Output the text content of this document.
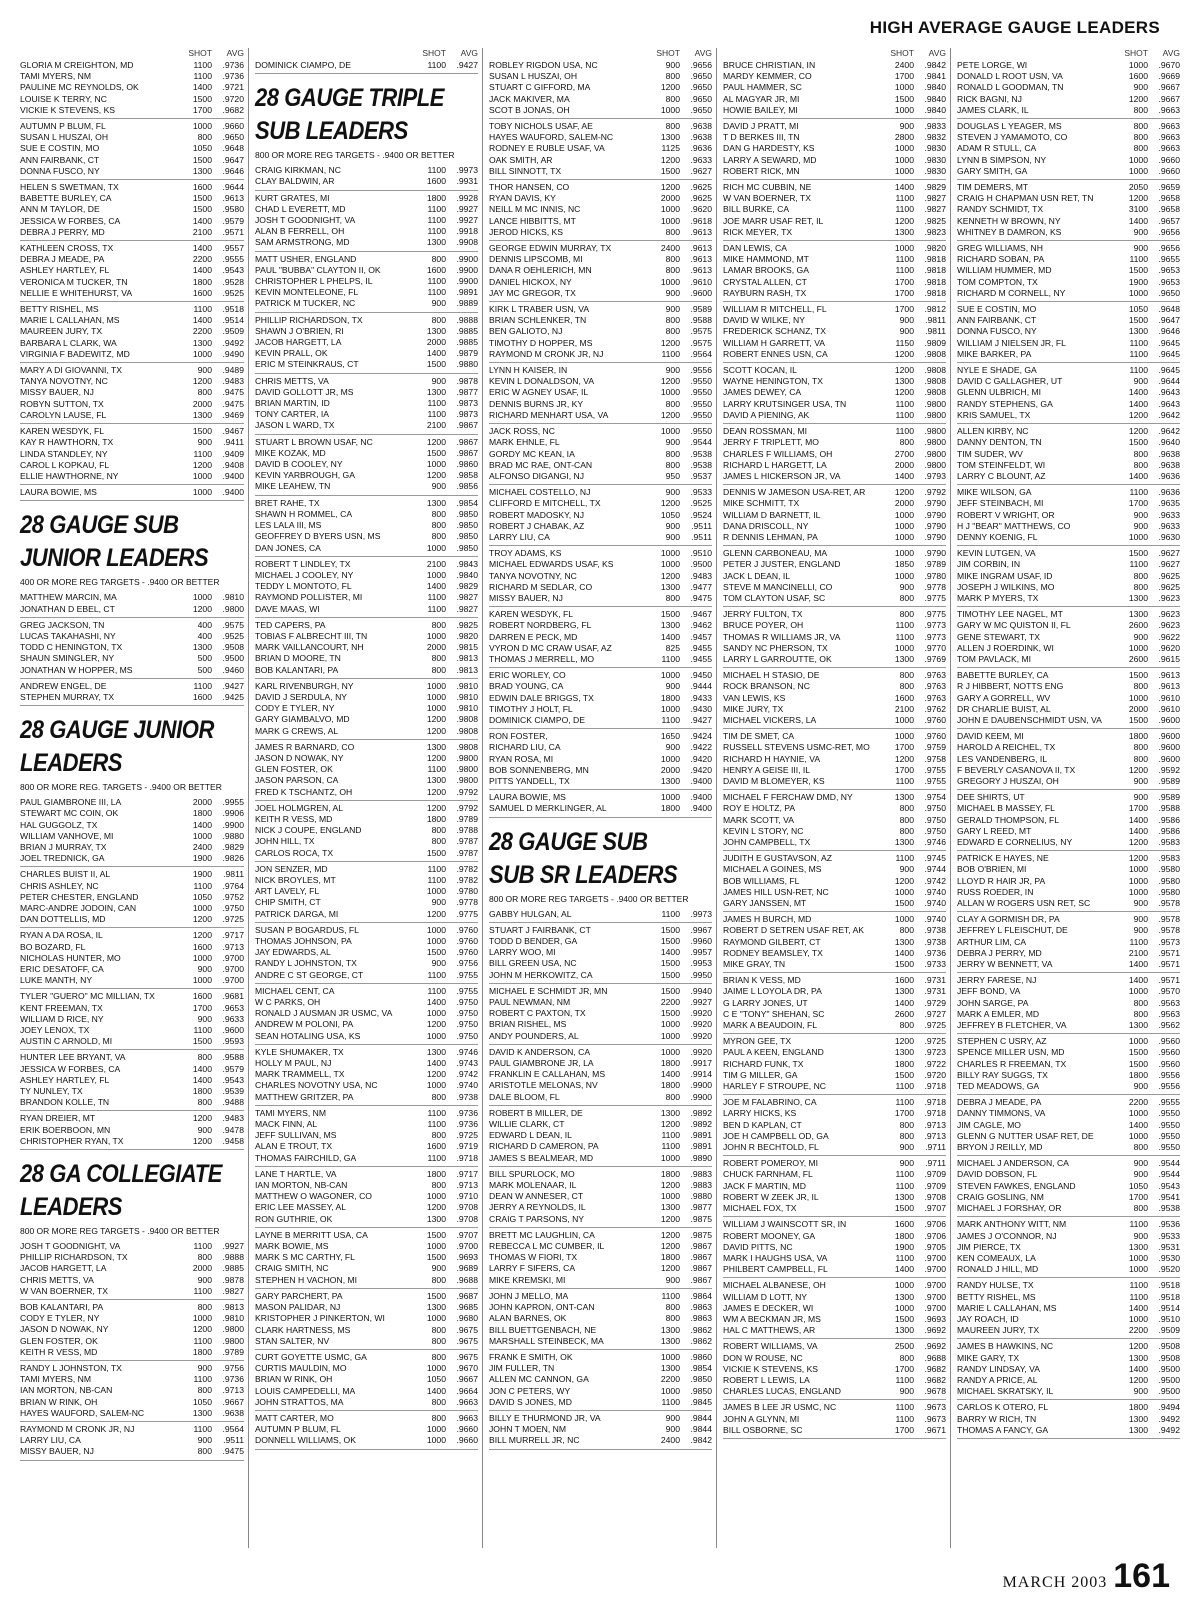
HIGH AVERAGE GAUGE LEADERS
SHOT	AVG
GLORIA M CREIGHTON, MD	1100	.9736
TAMI MYERS, NM	1100	.9736
PAULINE MC REYNOLDS, OK	1400	.9721
LOUISE K TERRY, NC	1500	.9720
VICKIE K STEVENS, KS	1700	.9682
AUTUMN P BLUM, FL	1000	.9660
SUSAN L HUSZAI, OH	800	.9650
SUE E COSTIN, MO	1050	.9648
ANN FAIRBANK, CT	1500	.9647
DONNA FUSCO, NY	1300	.9646
HELEN S SWETMAN, TX	1600	.9644
BABETTE BURLEY, CA	1500	.9613
ANN M TAYLOR, DE	1500	.9580
JESSICA W FORBES, CA	1400	.9579
DEBRA J PERRY, MD	2100	.9571
KATHLEEN CROSS, TX	1400	.9557
DEBRA J MEADE, PA	2200	.9555
ASHLEY HARTLEY, FL	1400	.9543
VERONICA M TUCKER, TN	1800	.9528
NELLIE E WHITEHURST, VA	1600	.9525
BETTY RISHEL, MS	1100	.9518
MARIE L CALLAHAN, MS	1400	.9514
MAUREEN JURY, TX	2200	.9509
BARBARA L CLARK, WA	1300	.9492
VIRGINIA F BADEWITZ, MD	1000	.9490
MARY A DI GIOVANNI, TX	900	.9489
TANYA NOVOTNY, NC	1200	.9483
MISSY BAUER, NJ	800	.9475
ROBYN SUTTON, TX	2000	.9475
CAROLYN LAUSE, FL	1300	.9469
KAREN WESDYK, FL	1500	.9467
KAY R HAWTHORN, TX	900	.9411
LINDA STANDLEY, NY	1100	.9409
CAROL L KOPKAU, FL	1200	.9408
ELLIE HAWTHORNE, NY	1000	.9400
LAURA BOWIE, MS	1000	.9400
28 GAUGE SUB
JUNIOR LEADERS
400 OR MORE REG TARGETS - .9400 OR BETTER
MATTHEW MARCIN, MA	1000	.9810
JONATHAN D EBEL, CT	1200	.9800
GREG JACKSON, TN	400	.9575
LUCAS TAKAHASHI, NY	400	.9525
TODD C HENINGTON, TX	1300	.9508
SHAUN SMINGLER, NY	500	.9500
JONATHAN W HOPPER, MS	500	.9460
ANDREW ENGEL, DE	1100	.9427
STEPHEN MURRAY, TX	1600	.9425
28 GAUGE JUNIOR
LEADERS
800 OR MORE REG. TARGETS - .9400 OR BETTER
PAUL GIAMBRONE III, LA	2000	.9955
STEWART MC COIN, OK	1800	.9906
HAL GUGGOLZ, TX	1400	.9900
WILLIAM VANHOVE, MI	1000	.9880
BRIAN J MURRAY, TX	2400	.9829
JOEL TREDNICK, GA	1900	.9826
CHARLES BUIST II, AL	1900	.9811
CHRIS ASHLEY, NC	1100	.9764
PETER CHESTER, ENGLAND	1050	.9752
MARC-ANDRE JODOIN, CAN	1000	.9750
DAN DOTTELLIS, MD	1200	.9725
RYAN A DA ROSA, IL	1200	.9717
BO BOZARD, FL	1600	.9713
NICHOLAS HUNTER, MO	1000	.9700
ERIC DESATOFF, CA	900	.9700
LUKE MANTH, NY	1000	.9700
TYLER "GUERO" MC MILLIAN, TX	1600	.9681
KENT FREEMAN, TX	1700	.9653
WILLIAM D RICE, NY	900	.9633
JOEY LENOX, TX	1100	.9600
AUSTIN C ARNOLD, MI	1500	.9593
HUNTER LEE BRYANT, VA	800	.9588
JESSICA W FORBES, CA	1400	.9579
ASHLEY HARTLEY, FL	1400	.9543
TY NUNLEY, TX	1800	.9539
BRANDON KOLLE, TN	800	.9488
RYAN DREIER, MT	1200	.9483
ERIK BOERBOON, MN	900	.9478
CHRISTOPHER RYAN, TX	1200	.9458
28 GA COLLEGIATE
LEADERS
800 OR MORE REG TARGETS - .9400 OR BETTER
JOSH T GOODNIGHT, VA	1100	.9927
PHILLIP RICHARDSON, TX	800	.9888
JACOB HARGETT, LA	2000	.9885
CHRIS METTS, VA	900	.9878
W VAN BOERNER, TX	1100	.9827
BOB KALANTARI, PA	800	.9813
CODY E TYLER, NY	1000	.9810
JASON D NOWAK, NY	1200	.9800
GLEN FOSTER, OK	1100	.9800
KEITH R VESS, MD	1800	.9789
RANDY L JOHNSTON, TX	900	.9756
TAMI MYERS, NM	1100	.9736
IAN MORTON, NB-CAN	800	.9713
BRIAN W RINK, OH	1050	.9667
HAYES WAUFORD, SALEM-NC	1300	.9638
RAYMOND M CRONK JR, NJ	1100	.9564
LARRY LIU, CA	900	.9511
MISSY BAUER, NJ	800	.9475
SHOT	AVG
DOMINICK CIAMPO, DE	1100	.9427
28 GAUGE TRIPLE
SUB LEADERS
800 OR MORE REG TARGETS - .9400 OR BETTER
CRAIG KIRKMAN, NC	1100	.9973
CLAY BALDWIN, AR	1600	.9931
KURT GRATES, MI	1800	.9928
CHAD L EVERETT, MD	1100	.9927
JOSH T GOODNIGHT, VA	1100	.9927
ALAN B FERRELL, OH	1100	.9918
SAM ARMSTRONG, MD	1300	.9908
MATT USHER, ENGLAND	800	.9900
PAUL "BUBBA" CLAYTON II, OK	1600	.9900
CHRISTOPHER L PHELPS, IL	1100	.9900
KEVIN MONTELEONE, FL	1100	.9891
PATRICK M TUCKER, NC	900	.9889
PHILLIP RICHARDSON, TX	800	.9888
SHAWN J O'BRIEN, RI	1300	.9885
JACOB HARGETT, LA	2000	.9885
KEVIN PRALL, OK	1400	.9879
ERIC M STEINKRAUS, CT	1500	.9880
CHRIS METTS, VA	900	.9878
DAVID GOLLOTT JR, MS	1300	.9877
BRIAN MARTIN, ID	1100	.9873
TONY CARTER, IA	1100	.9873
JASON L WARD, TX	2100	.9867
STUART L BROWN USAF, NC	1200	.9867
MIKE KOZAK, MD	1500	.9867
DAVID B COOLEY, NY	1000	.9860
KEVIN YARBROUGH, GA	1200	.9858
MIKE LEAHEW, TN	900	.9856
BRET RAHE, TX	1300	.9854
SHAWN H ROMMEL, CA	800	.9850
LES LALA III, MS	800	.9850
GEOFFREY D BYERS USN, MS	800	.9850
DAN JONES, CA	1000	.9850
ROBERT T LINDLEY, TX	2100	.9843
MICHAEL J COOLEY, NY	1000	.9840
TEDDY L MONTOTO, FL	1400	.9829
RAYMOND POLLISTER, MI	1100	.9827
DAVE MAAS, WI	1100	.9827
TED CAPERS, PA	800	.9825
TOBIAS F ALBRECHT III, TN	1000	.9820
MARK VAILLANCOURT, NH	2000	.9815
BRIAN D MOORE, TN	800	.9813
BOB KALANTARI, PA	800	.9813
KARL RIVENBURGH, NY	1000	.9810
DAVID J SERDULA, NY	1000	.9810
CODY E TYLER, NY	1000	.9810
GARY GIAMBALVO, MD	1200	.9808
MARK G CREWS, AL	1200	.9808
JAMES R BARNARD, CO	1300	.9808
JASON D NOWAK, NY	1200	.9800
GLEN FOSTER, OK	1100	.9800
JASON PARSON, CA	1300	.9800
FRED K TSCHANTZ, OH	1200	.9792
JOEL HOLMGREN, AL	1200	.9792
KEITH R VESS, MD	1800	.9789
NICK J COUPE, ENGLAND	800	.9788
JOHN HILL, TX	800	.9787
CARLOS ROCA, TX	1500	.9787
JON SENZER, MD	1100	.9782
NICK BROYLES, MT	1100	.9782
ART LAVELY, FL	1000	.9780
CHIP SMITH, CT	900	.9778
PATRICK DARGA, MI	1200	.9775
SUSAN P BOGARDUS, FL	1000	.9760
THOMAS JOHNSON, PA	1000	.9760
JAY EDWARDS, AL	1500	.9760
RANDY L JOHNSTON, TX	900	.9756
ANDRE C ST GEORGE, CT	1100	.9755
MICHAEL CENT, CA	1100	.9755
W C PARKS, OH	1400	.9750
RONALD J AUSMAN JR USMC, VA	1000	.9750
ANDREW M POLONI, PA	1200	.9750
SEAN HOTALING USA, KS	1000	.9750
KYLE SHUMAKER, TX	1300	.9746
HOLLY M PAUL, NJ	1400	.9743
MARK TRAMMELL, TX	1200	.9742
CHARLES NOVOTNY USA, NC	1000	.9740
MATTHEW GRITZER, PA	800	.9738
TAMI MYERS, NM	1100	.9736
MACK FINN, AL	1100	.9736
JEFF SULLIVAN, MS	800	.9725
ALAN E TROUT, TX	1600	.9719
THOMAS FAIRCHILD, GA	1100	.9718
LANE T HARTLE, VA	1800	.9717
IAN MORTON, NB-CAN	800	.9713
MATTHEW O WAGONER, CO	1000	.9710
ERIC LEE MASSEY, AL	1200	.9708
RON GUTHRIE, OK	1300	.9708
LAYNE B MERRITT USA, CA	1500	.9707
MARK BOWIE, MS	1000	.9700
MARK S MC CARTHY, FL	1500	.9693
CRAIG SMITH, NC	900	.9689
STEPHEN H VACHON, MI	800	.9688
GARY PARCHERT, PA	1500	.9687
MASON PALIDAR, NJ	1300	.9685
KRISTOPHER J PINKERTON, WI	1000	.9680
CLARK HARTNESS, MS	800	.9675
STAN SALTER, NV	800	.9675
CURT GOYETTE USMC, GA	800	.9675
CURTIS MAULDIN, MO	1000	.9670
BRIAN W RINK, OH	1050	.9667
LOUIS CAMPEDELLI, MA	1400	.9664
JOHN STRATTOS, MA	800	.9663
MATT CARTER, MO	800	.9663
AUTUMN P BLUM, FL	1000	.9660
DONNELL WILLIAMS, OK	1000	.9660
SHOT	AVG
ROBLEY RIGDON USA, NC	900	.9656
SUSAN L HUSZAI, OH	800	.9650
STUART C GIFFORD, MA	1200	.9650
JACK MAKIVER, MA	800	.9650
SCOT B JONAS, OH	1000	.9650
TOBY NICHOLS USAF, AE	800	.9638
HAYES WAUFORD, SALEM-NC	1300	.9638
RODNEY E RUBLE USAF, VA	1125	.9636
OAK SMITH, AR	1200	.9633
BILL SINNOTT, TX	1500	.9627
THOR HANSEN, CO	1200	.9625
RYAN DAVIS, KY	2000	.9625
NEILL M MC INNIS, NC	1000	.9620
LANCE HIBBITTS, MT	1000	.9618
JEROD HICKS, KS	800	.9613
GEORGE EDWIN MURRAY, TX	2400	.9613
DENNIS LIPSCOMB, MI	800	.9613
DANA R OEHLERICH, MN	800	.9613
DANIEL HICKOX, NY	1000	.9610
JAY MC GREGOR, TX	900	.9600
KIRK L TRABER USN, VA	900	.9589
BRIAN SCHLENKER, TN	800	.9588
BEN GALIOTO, NJ	800	.9575
TIMOTHY D HOPPER, MS	1200	.9575
RAYMOND M CRONK JR, NJ	1100	.9564
LYNN H KAISER, IN	900	.9556
KEVIN L DONALDSON, VA	1200	.9550
ERIC W AGNEY USAF, IL	1000	.9550
DENNIS BURNS JR, KY	800	.9550
RICHARD MENHART USA, VA	1200	.9550
JACK ROSS, NC	1000	.9550
MARK EHNLE, FL	900	.9544
GORDY MC KEAN, IA	800	.9538
BRAD MC RAE, ONT-CAN	800	.9538
ALFONSO DIGANGI, NJ	950	.9537
MICHAEL COSTELLO, NJ	900	.9533
CLIFFORD E MITCHELL, TX	1200	.9525
ROBERT MADOSKY, NJ	1050	.9524
ROBERT J CHABAK, AZ	900	.9511
LARRY LIU, CA	900	.9511
TROY ADAMS, KS	1000	.9510
MICHAEL EDWARDS USAF, KS	1000	.9500
TANYA NOVOTNY, NC	1200	.9483
RICHARD M SEDLAR, CO	1300	.9477
MISSY BAUER, NJ	800	.9475
KAREN WESDYK, FL	1500	.9467
ROBERT NORDBERG, FL	1300	.9462
DARREN E PECK, MD	1400	.9457
VYRON D MC CRAW USAF, AZ	825	.9455
THOMAS J MERRELL, MO	1100	.9455
ERIC WORLEY, CO	1000	.9450
BRAD YOUNG, CA	900	.9444
EDWIN DALE BRIGGS, TX	1800	.9433
TIMOTHY J HOLT, FL	1000	.9430
DOMINICK CIAMPO, DE	1100	.9427
RON FOSTER,	1650	.9424
RICHARD LIU, CA	900	.9422
RYAN ROSA, MI	1000	.9420
BOB SONNENBERG, MN	2000	.9420
PITTS YANDELL, TX	1300	.9400
LAURA BOWIE, MS	1000	.9400
SAMUEL D MERKLINGER, AL	1800	.9400
28 GAUGE SUB
SUB SR LEADERS
800 OR MORE REG TARGETS - .9400 OR BETTER
GABBY HULGAN, AL	1100	.9973
STUART J FAIRBANK, CT	1500	.9967
TODD D BENDER, GA	1500	.9960
LARRY WOO, MI	1400	.9957
BILL GREEN USA, NC	1500	.9953
JOHN M HERKOWITZ, CA	1500	.9950
MICHAEL E SCHMIDT JR, MN	1500	.9940
PAUL NEWMAN, NM	2200	.9927
ROBERT C PAXTON, TX	1500	.9920
BRIAN RISHEL, MS	1000	.9920
ANDY POUNDERS, AL	1000	.9920
DAVID K ANDERSON, CA	1000	.9920
PAUL GIAMBRONE JR, LA	1800	.9917
FRANKLIN E CALLAHAN, MS	1400	.9914
ARISTOTLE MELONAS, NV	1800	.9900
DALE BLOOM, FL	800	.9900
ROBERT B MILLER, DE	1300	.9892
WILLIE CLARK, CT	1200	.9892
EDWARD L DEAN, IL	1100	.9891
RICHARD D CAMERON, PA	1100	.9891
JAMES S BEALMEAR, MD	1000	.9890
BILL SPURLOCK, MO	1800	.9883
MARK MOLENAAR, IL	1200	.9883
DEAN W ANNESER, CT	1000	.9880
JERRY A REYNOLDS, IL	1300	.9877
CRAIG T PARSONS, NY	1200	.9875
BRETT MC LAUGHLIN, CA	1200	.9875
REBECCA L MC CUMBER, IL	1200	.9867
THOMAS W FIORI, TX	1800	.9867
LARRY F SIFERS, CA	1200	.9867
MIKE KREMSKI, MI	900	.9867
JOHN J MELLO, MA	1100	.9864
JOHN KAPRON, ONT-CAN	800	.9863
ALAN BARNES, OK	800	.9863
BILL BUETTGENBACH, NE	1300	.9862
MARSHALL STEINBECK, MA	1300	.9862
FRANK E SMITH, OK	1000	.9860
JIM FULLER, TN	1300	.9854
ALLEN MC CANNON, GA	2200	.9850
JON C PETERS, WY	1000	.9850
DAVID S JONES, MD	1100	.9845
BILLY E THURMOND JR, VA	900	.9844
JOHN T MOEN, NM	900	.9844
BILL MURRELL JR, NC	2400	.9842
SHOT	AVG
BRUCE CHRISTIAN, IN	2400	.9842
MARDY KEMMER, CO	1700	.9841
PAUL HAMMER, SC	1000	.9840
AL MAGYAR JR, MI	1500	.9840
HOWIE BAILEY, MI	1000	.9840
DAVID J PRATT, MI	900	.9833
T D BERKES III, TN	2800	.9832
DAN G HARDESTY, KS	1000	.9830
LARRY A SEWARD, MD	1000	.9830
ROBERT RICK, MN	1000	.9830
RICH MC CUBBIN, NE	1400	.9829
W VAN BOERNER, TX	1100	.9827
BILL BURKE, CA	1100	.9827
JOE MARR USAF RET, IL	1200	.9825
RICK MEYER, TX	1300	.9823
DAN LEWIS, CA	1000	.9820
MIKE HAMMOND, MT	1100	.9818
LAMAR BROOKS, GA	1100	.9818
CRYSTAL ALLEN, CT	1700	.9818
RAYBURN RASH, TX	1700	.9818
WILLIAM R MITCHELL, FL	1700	.9812
DAVID W WILKE, NY	900	.9811
FREDERICK SCHANZ, TX	900	.9811
WILLIAM H GARRETT, VA	1150	.9809
ROBERT ENNES USN, CA	1200	.9808
SCOTT KOCAN, IL	1200	.9808
WAYNE HENINGTON, TX	1300	.9808
JAMES DEWEY, CA	1200	.9808
LARRY KRUTSINGER USA, TN	1100	.9800
DAVID A PIENING, AK	1100	.9800
DEAN ROSSMAN, MI	1100	.9800
JERRY F TRIPLETT, MO	800	.9800
CHARLES F WILLIAMS, OH	2700	.9800
RICHARD L HARGETT, LA	2000	.9800
JAMES L HICKERSON JR, VA	1400	.9793
DENNIS W JAMESON USA-RET, AR	1200	.9792
MIKE SCHMITT, TX	2000	.9790
WILLIAM D BARNETT, IL	1000	.9790
DANA DRISCOLL, NY	1000	.9790
R DENNIS LEHMAN, PA	1000	.9790
GLENN CARBONEAU, MA	1000	.9790
PETER J JUSTER, ENGLAND	1850	.9789
JACK L DEAN, IL	1000	.9780
STEVE M MANCINELLI, CO	900	.9778
TOM CLAYTON USAF, SC	800	.9775
JERRY FULTON, TX	800	.9775
BRUCE POYER, OH	1100	.9773
THOMAS R WILLIAMS JR, VA	1100	.9773
SANDY NC PHERSON, TX	1000	.9770
LARRY L GARROUTTE, OK	1300	.9769
MICHAEL H STASIO, DE	800	.9763
ROCK BRANSON, NC	800	.9763
VAN LEWIS, KS	1600	.9763
MIKE JURY, TX	2100	.9762
MICHAEL VICKERS, LA	1000	.9760
TIM DE SMET, CA	1000	.9760
RUSSELL STEVENS USMC-RET, MO	1700	.9759
RICHARD H HAYNIE, VA	1200	.9758
HENRY A GEISE III, IL	1700	.9755
DAVID M BLOMEYER, KS	1100	.9755
MICHAEL F FERCHAW DMD, NY	1300	.9754
ROY E HOLTZ, PA	800	.9750
MARK SCOTT, VA	800	.9750
KEVIN L STORY, NC	800	.9750
JOHN CAMPBELL, TX	1300	.9746
JUDITH E GUSTAVSON, AZ	1100	.9745
MICHAEL A GOINES, MS	900	.9744
BOB WILLIAMS, FL	1200	.9742
JAMES HILL USN-RET, NC	1000	.9740
GARY JANSSEN, MT	1500	.9740
JAMES H BURCH, MD	1000	.9740
ROBERT D SETREN USAF RET, AK	800	.9738
RAYMOND GILBERT, CT	1300	.9738
RODNEY BEAMSLEY, TX	1400	.9736
MIKE GRAY, TN	1500	.9733
BRIAN K VESS, MD	1600	.9731
JAIME L LOYOLA DR, PA	1300	.9731
G LARRY JONES, UT	1400	.9729
C E "TONY" SHEHAN, SC	2600	.9727
MARK A BEAUDOIN, FL	800	.9725
MYRON GEE, TX	1200	.9725
PAUL A KEEN, ENGLAND	1300	.9723
RICHARD FUNK, TX	1800	.9722
TIM G MILLER, GA	1500	.9720
HARLEY F STROUPE, NC	1100	.9718
JOE M FALABRINO, CA	1100	.9718
LARRY HICKS, KS	1700	.9718
BEN D KAPLAN, CT	800	.9713
JOE H CAMPBELL OD, GA	800	.9713
JOHN R BECHTOLD, FL	900	.9711
ROBERT POMEROY, MI	900	.9711
CHUCK FARNHAM, FL	1100	.9709
JACK F MARTIN, MD	1100	.9709
ROBERT W ZEEK JR, IL	1300	.9708
MICHAEL FOX, TX	1500	.9707
WILLIAM J WAINSCOTT SR, IN	1600	.9706
ROBERT MOONEY, GA	1800	.9706
DAVID PITTS, NC	1900	.9705
MARK I HAUGHS USA, VA	1100	.9700
PHILBERT CAMPBELL, FL	1400	.9700
MICHAEL ALBANESE, OH	1000	.9700
WILLIAM D LOTT, NY	1300	.9700
JAMES E DECKER, WI	1000	.9700
WM A BECKMAN JR, MS	1500	.9693
HAL C MATTHEWS, AR	1300	.9692
ROBERT WILLIAMS, VA	2500	.9692
DON W ROUSE, NC	800	.9688
VICKIE K STEVENS, KS	1700	.9682
ROBERT L LEWIS, LA	1100	.9682
CHARLES LUCAS, ENGLAND	900	.9678
JAMES B LEE JR USMC, NC	1100	.9673
JOHN A GLYNN, MI	1100	.9673
BILL OSBORNE, SC	1700	.9671
SHOT	AVG
PETE LORGE, WI	1000	.9670
DONALD L ROOT USN, VA	1600	.9669
RONALD L GOODMAN, TN	900	.9667
RICK BAGNI, NJ	1200	.9667
JAMES CLARK, IL	800	.9663
DOUGLAS L YEAGER, MS	800	.9663
STEVEN J YAMAMOTO, CO	800	.9663
ADAM R STULL, CA	800	.9663
LYNN B SIMPSON, NY	1000	.9660
GARY SMITH, GA	1000	.9660
TIM DEMERS, MT	2050	.9659
CRAIG H CHAPMAN USN RET, TN	1200	.9658
RANDY SCHMIDT, TX	3100	.9658
KENNETH W BROWN, NY	1400	.9657
WHITNEY B DAMRON, KS	900	.9656
GREG WILLIAMS, NH	900	.9656
RICHARD SOBAN, PA	1100	.9655
WILLIAM HUMMER, MD	1500	.9653
TOM COMPTON, TX	1900	.9653
RICHARD M CORNELL, NY	1000	.9650
SUE E COSTIN, MO	1050	.9648
ANN FAIRBANK, CT	1500	.9647
DONNA FUSCO, NY	1300	.9646
WILLIAM J NIELSEN JR, FL	1100	.9645
MIKE BARKER, PA	1100	.9645
NYLE E SHADE, GA	1100	.9645
DAVID C GALLAGHER, UT	900	.9644
GLENN ULBRICH, MI	1400	.9643
RANDY STEPHENS, GA	1400	.9643
KRIS SAMUEL, TX	1200	.9642
ALLEN KIRBY, NC	1200	.9642
DANNY DENTON, TN	1500	.9640
TIM SUDER, WV	800	.9638
TOM STEINFELDT, WI	800	.9638
LARRY C BLOUNT, AZ	1400	.9636
MIKE WILSON, GA	1100	.9636
JEFF STEINBACH, MI	1700	.9635
ROBERT V WRIGHT, OR	900	.9633
H J "BEAR" MATTHEWS, CO	900	.9633
DENNY KOENIG, FL	1000	.9630
KEVIN LUTGEN, VA	1500	.9627
JIM CORBIN, IN	1100	.9627
MIKE INGRAM USAF, ID	800	.9625
JOSEPH J WILKINS, MO	800	.9625
MARK P MYERS, TX	1300	.9623
TIMOTHY LEE NAGEL, MT	1300	.9623
GARY W MC QUISTON II, FL	2600	.9623
GENE STEWART, TX	900	.9622
ALLEN J ROERDINK, WI	1000	.9620
TOM PAVLACK, MI	2600	.9615
BABETTE BURLEY, CA	1500	.9613
R J HIBBERT, NOTTS ENG	800	.9613
GARY A GORRELL, WV	1000	.9610
DR CHARLIE BUIST, AL	2000	.9610
JOHN E DAUBENSCHMIDT USN, VA	1500	.9600
DAVID KEEM, MI	1800	.9600
HAROLD A REICHEL, TX	800	.9600
LES VANDENBERG, IL	800	.9600
F BEVERLY CASANOVA II, TX	1200	.9592
GREGORY J HUSZAI, OH	900	.9589
DEE SHIRTS, UT	900	.9589
MICHAEL B MASSEY, FL	1700	.9588
GERALD THOMPSON, FL	1400	.9586
GARY L REED, MT	1400	.9586
EDWARD E CORNELIUS, NY	1200	.9583
PATRICK E HAYES, NE	1200	.9583
BOB O'BRIEN, MI	1000	.9580
LLOYD R HAIR JR, PA	1000	.9580
RUSS ROEDER, IN	1000	.9580
ALLAN W ROGERS USN RET, SC	900	.9578
CLAY A GORMISH DR, PA	900	.9578
JEFFREY L FLEISCHUT, DE	900	.9578
ARTHUR LIM, CA	1100	.9573
DEBRA J PERRY, MD	2100	.9571
JERRY W BENNETT, VA	1400	.9571
JERRY FARESE, NJ	1400	.9571
JEFF BOND, VA	1000	.9570
JOHN SARGE, PA	800	.9563
MARK A EMLER, MD	800	.9563
JEFFREY B FLETCHER, VA	1300	.9562
STEPHEN C USRY, AZ	1000	.9560
SPENCE MILLER USN, MD	1500	.9560
CHARLES R FREEMAN, TX	1500	.9560
BILLY RAY SUGGS, TX	1800	.9556
TED MEADOWS, GA	900	.9556
DEBRA J MEADE, PA	2200	.9555
DANNY TIMMONS, VA	1000	.9550
JIM CAGLE, MO	1400	.9550
GLENN G NUTTER USAF RET, DE	1000	.9550
BRYON J REILLY, MD	800	.9550
MICHAEL J ANDERSON, CA	900	.9544
DAVID DOBSON, FL	900	.9544
STEVEN FAWKES, ENGLAND	1050	.9543
CRAIG GOSLING, NM	1700	.9541
MICHAEL J FORSHAY, OR	800	.9538
MARK ANTHONY WITT, NM	1100	.9536
JAMES J O'CONNOR, NJ	900	.9533
JIM PIERCE, TX	1300	.9531
KEN COMEAUX, LA	1000	.9530
RONALD J HILL, MD	1000	.9520
RANDY HULSE, TX	1100	.9518
BETTY RISHEL, MS	1100	.9518
MARIE L CALLAHAN, MS	1400	.9514
JAY ROACH, ID	1000	.9510
MAUREEN JURY, TX	2200	.9509
JAMES B HAWKINS, NC	1200	.9508
MIKE GARY, TX	1300	.9508
RANDY LINDSAY, VA	1400	.9500
RANDY A PRICE, AL	1200	.9500
MICHAEL SKRATSKY, IL	900	.9500
CARLOS K OTERO, FL	1800	.9494
BARRY W RICH, TN	1300	.9492
THOMAS A FANCY, GA	1300	.9492
MARCH 2003 161
